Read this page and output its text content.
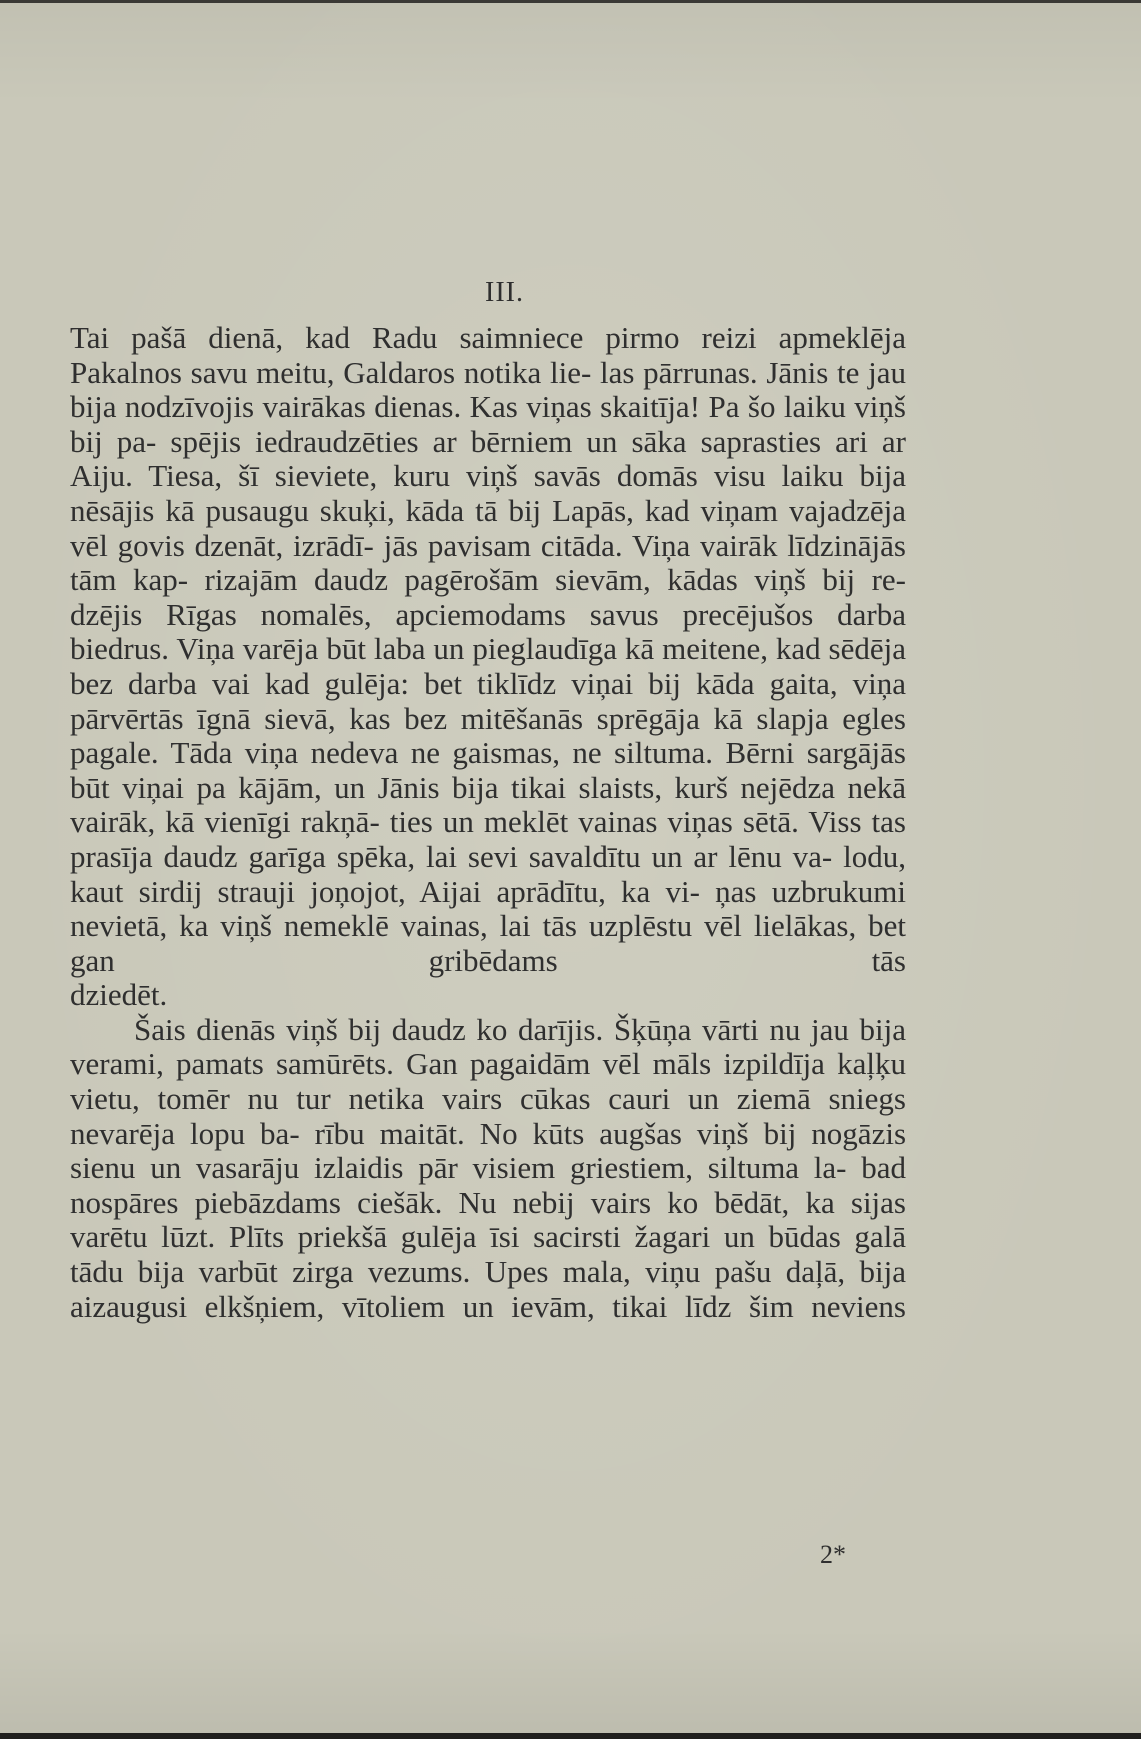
III.

Tai pašā dienā, kad Radu saimniece pirmo reizi apmeklēja Pakalnos savu meitu, Galdaros notika lie- las pārrunas. Jānis te jau bija nodzīvojis vairākas dienas. Kas viņas skaitīja! Pa šo laiku viņš bij pa- spējis iedraudzēties ar bērniem un sāka saprasties ari ar Aiju. Tiesa, šī sieviete, kuru viņš savās domās visu laiku bija nēsājis kā pusaugu skuķi, kāda tā bij Lapās, kad viņam vajadzēja vēl govis dzenāt, izrādī- jās pavisam citāda. Viņa vairāk līdzinājās tām kap- rizajām daudz pagērošām sievām, kādas viņš bij re- dzējis Rīgas nomalēs, apciemodams savus precējušos darba biedrus. Viņa varēja būt laba un pieglaudīga kā meitene, kad sēdēja bez darba vai kad gulēja: bet tiklīdz viņai bij kāda gaita, viņa pārvērtās īgnā sievā, kas bez mitēšanās sprēgāja kā slapja egles pagale. Tāda viņa nedeva ne gaismas, ne siltuma. Bērni sargājās būt viņai pa kājām, un Jānis bija tikai slaists, kurš nejēdza nekā vairāk, kā vienīgi rakņā- ties un meklēt vainas viņas sētā. Viss tas prasīja daudz garīga spēka, lai sevi savaldītu un ar lēnu va- lodu, kaut sirdij strauji joņojot, Aijai aprādītu, ka vi- ņas uzbrukumi nevietā, ka viņš nemeklē vainas, lai tās uzplēstu vēl lielākas, bet gan gribēdams tās
dziedēt.

Šais dienās viņš bij daudz ko darījis. Šķūņa vārti nu jau bija verami, pamats samūrēts. Gan pagaidām vēl māls izpildīja kaļķu vietu, tomēr nu tur netika vairs cūkas cauri un ziemā sniegs nevarēja lopu ba- rību maitāt. No kūts augšas viņš bij nogāzis sienu un vasarāju izlaidis pār visiem griestiem, siltuma la- bad nospāres piebāzdams ciešāk. Nu nebij vairs ko bēdāt, ka sijas varētu lūzt. Plīts priekšā gulēja īsi sacirsti žagari un būdas galā tādu bija varbūt zirga vezums. Upes mala, viņu pašu daļā, bija aizaugusi elkšņiem, vītoliem un ievām, tikai līdz šim neviens

2*
